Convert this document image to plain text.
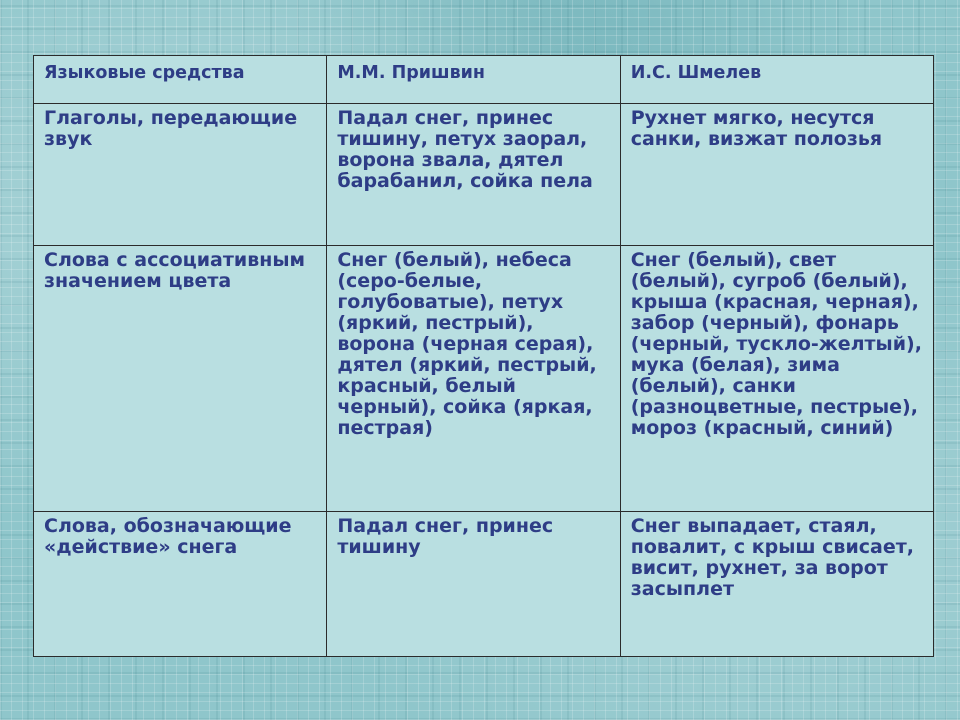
Языковые средства	М.М. Пришвин	И.С. Шмелев
Глаголы, передающие звук	Падал снег, принес тишину, петух заорал, ворона звала, дятел барабанил, сойка пела	Рухнет мягко, несутся санки, визжат полозья
Слова с ассоциативным значением цвета	Снег (белый), небеса (серо-белые, голубоватые), петух (яркий, пестрый), ворона (черная серая), дятел (яркий, пестрый, красный, белый черный), сойка (яркая, пестрая)	Снег (белый), свет (белый), сугроб (белый), крыша (красная, черная), забор (черный), фонарь (черный, тускло-желтый), мука (белая), зима (белый), санки (разноцветные, пестрые), мороз (красный, синий)
Слова, обозначающие «действие» снега	Падал снег, принес тишину	Снег выпадает, стаял, повалит, с крыш свисает, висит, рухнет, за ворот засыплет
